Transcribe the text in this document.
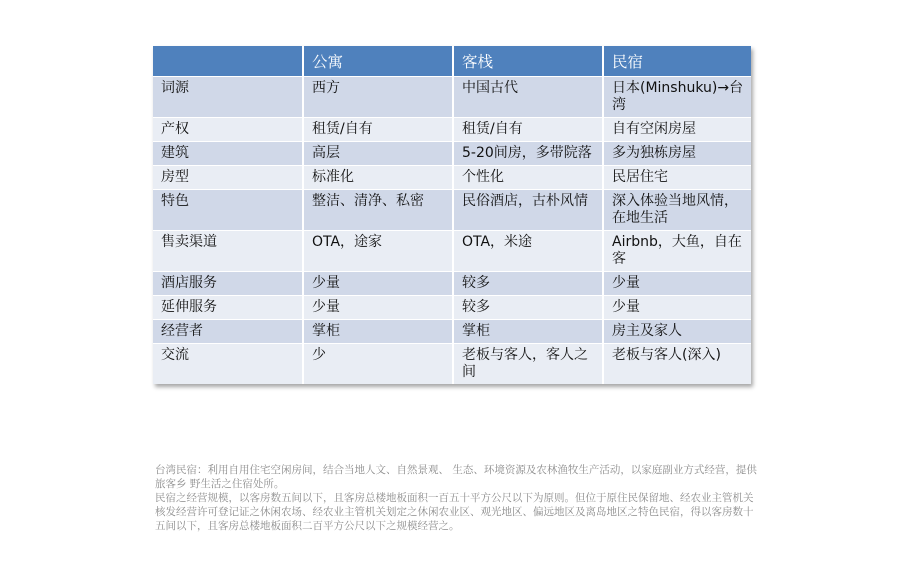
	公寓	客栈	民宿
词源	西方	中国古代	日本(Minshuku)→台湾
产权	租赁/自有	租赁/自有	自有空闲房屋
建筑	高层	5-20间房，多带院落	多为独栋房屋
房型	标准化	个性化	民居住宅
特色	整洁、清净、私密	民俗酒店，古朴风情	深入体验当地风情，在地生活
售卖渠道	OTA，途家	OTA，米途	Airbnb，大鱼，自在客
酒店服务	少量	较多	少量
延伸服务	少量	较多	少量
经营者	掌柜	掌柜	房主及家人
交流	少	老板与客人，客人之间	老板与客人(深入)

台湾民宿：利用自用住宅空闲房间，结合当地人文、自然景观、 生态、环境资源及农林渔牧生产活动，以家庭副业方式经营，提供旅客乡 野生活之住宿处所。

民宿之经营规模，以客房数五间以下，且客房总楼地板面积一百五十平方公尺以下为原则。但位于原住民保留地、经农业主管机关核发经营许可登记证之休闲农场、经农业主管机关划定之休闲农业区、观光地区、偏远地区及离岛地区之特色民宿，得以客房数十五间以下，且客房总楼地板面积二百平方公尺以下之规模经营之。
